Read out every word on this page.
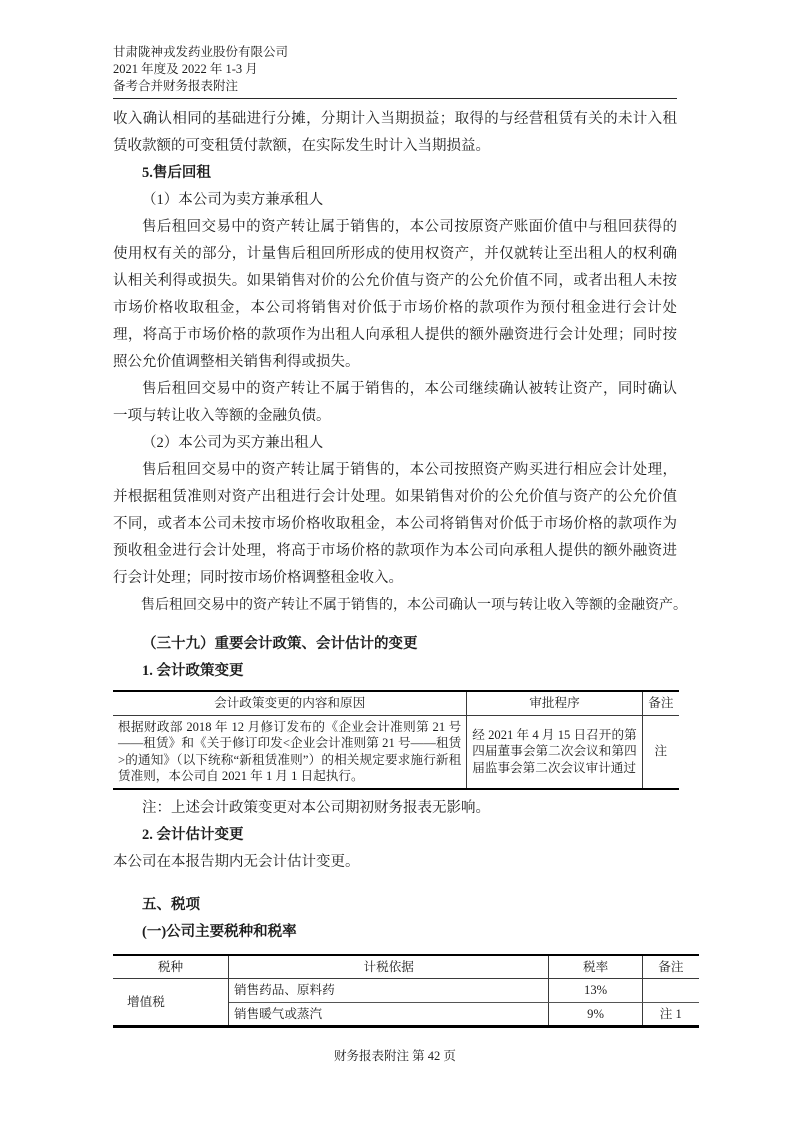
甘肃陇神戎发药业股份有限公司
2021 年度及 2022 年 1-3 月
备考合并财务报表附注

收入确认相同的基础进行分摊，分期计入当期损益；取得的与经营租赁有关的未计入租赁收款额的可变租赁付款额，在实际发生时计入当期损益。

5.售后回租

（1）本公司为卖方兼承租人

售后租回交易中的资产转让属于销售的，本公司按原资产账面价值中与租回获得的使用权有关的部分，计量售后租回所形成的使用权资产，并仅就转让至出租人的权利确认相关利得或损失。如果销售对价的公允价值与资产的公允价值不同，或者出租人未按市场价格收取租金，本公司将销售对价低于市场价格的款项作为预付租金进行会计处理，将高于市场价格的款项作为出租人向承租人提供的额外融资进行会计处理；同时按照公允价值调整相关销售利得或损失。

售后租回交易中的资产转让不属于销售的，本公司继续确认被转让资产，同时确认一项与转让收入等额的金融负债。

（2）本公司为买方兼出租人

售后租回交易中的资产转让属于销售的，本公司按照资产购买进行相应会计处理，并根据租赁准则对资产出租进行会计处理。如果销售对价的公允价值与资产的公允价值不同，或者本公司未按市场价格收取租金，本公司将销售对价低于市场价格的款项作为预收租金进行会计处理，将高于市场价格的款项作为本公司向承租人提供的额外融资进行会计处理；同时按市场价格调整租金收入。

售后租回交易中的资产转让不属于销售的，本公司确认一项与转让收入等额的金融资产。

（三十九）重要会计政策、会计估计的变更

1. 会计政策变更

会计政策变更的内容和原因	审批程序	备注
根据财政部 2018 年 12 月修订发布的《企业会计准则第 21 号——租赁》和《关于修订印发<企业会计准则第 21 号——租赁>的通知》（以下统称“新租赁准则”）的相关规定要求施行新租赁准则，本公司自 2021 年 1 月 1 日起执行。	经 2021 年 4 月 15 日召开的第四届董事会第二次会议和第四届监事会第二次会议审计通过	注

注：上述会计政策变更对本公司期初财务报表无影响。

2. 会计估计变更

本公司在本报告期内无会计估计变更。

五、税项

(一)公司主要税种和税率

税种	计税依据	税率	备注
增值税	销售药品、原料药	13%	
	销售暖气或蒸汽	9%	注 1
财务报表附注 第 42 页
